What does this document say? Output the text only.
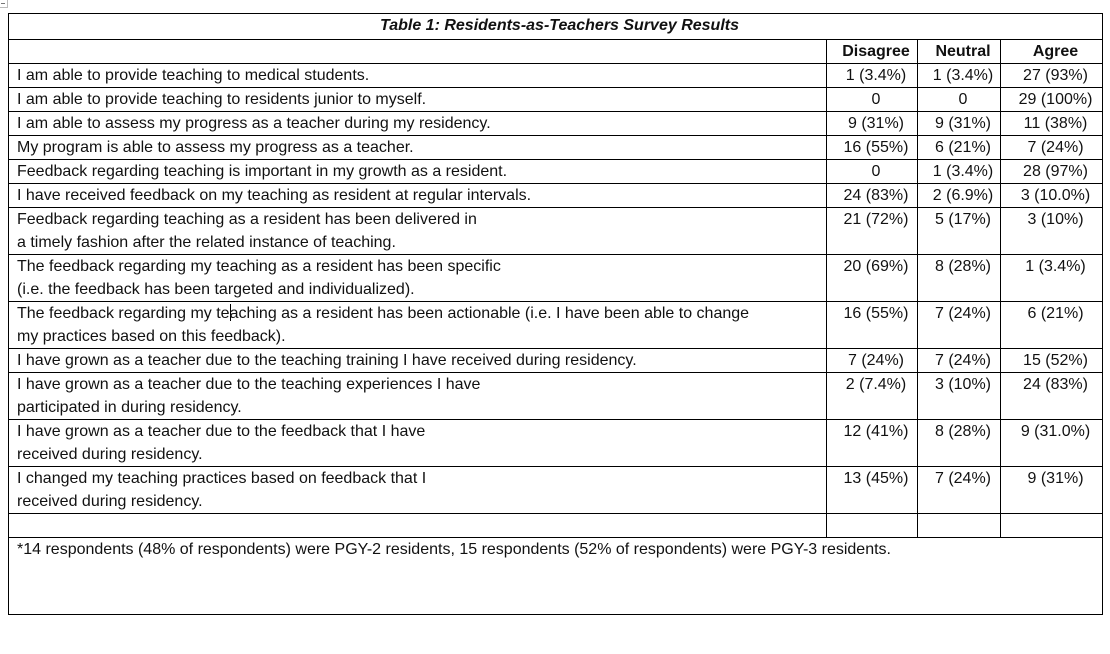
Table 1: Residents-as-Teachers Survey Results			
	Disagree	Neutral	Agree
I am able to provide teaching to medical students.	1 (3.4%)	1 (3.4%)	27 (93%)
I am able to provide teaching to residents junior to myself.	0	0	29 (100%)
I am able to assess my progress as a teacher during my residency.	9 (31%)	9 (31%)	11 (38%)
My program is able to assess my progress as a teacher.	16 (55%)	6 (21%)	7 (24%)
Feedback regarding teaching is important in my growth as a resident.	0	1 (3.4%)	28 (97%)
I have received feedback on my teaching as resident at regular intervals.	24 (83%)	2 (6.9%)	3 (10.0%)
Feedback regarding teaching as a resident has been delivered in
a timely fashion after the related instance of teaching.	21 (72%)	5 (17%)	3 (10%)
The feedback regarding my teaching as a resident has been specific
(i.e. the feedback has been targeted and individualized).	20 (69%)	8 (28%)	1 (3.4%)
The feedback regarding my teaching as a resident has been actionable (i.e. I have been able to change
my practices based on this feedback).	16 (55%)	7 (24%)	6 (21%)
I have grown as a teacher due to the teaching training I have received during residency.	7 (24%)	7 (24%)	15 (52%)
I have grown as a teacher due to the teaching experiences I have
participated in during residency.	2 (7.4%)	3 (10%)	24 (83%)
I have grown as a teacher due to the feedback that I have
received during residency.	12 (41%)	8 (28%)	9 (31.0%)
I changed my teaching practices based on feedback that I
received during residency.	13 (45%)	7 (24%)	9 (31%)

*14 respondents (48% of respondents) were PGY-2 residents, 15 respondents (52% of respondents) were PGY-3 residents.			
